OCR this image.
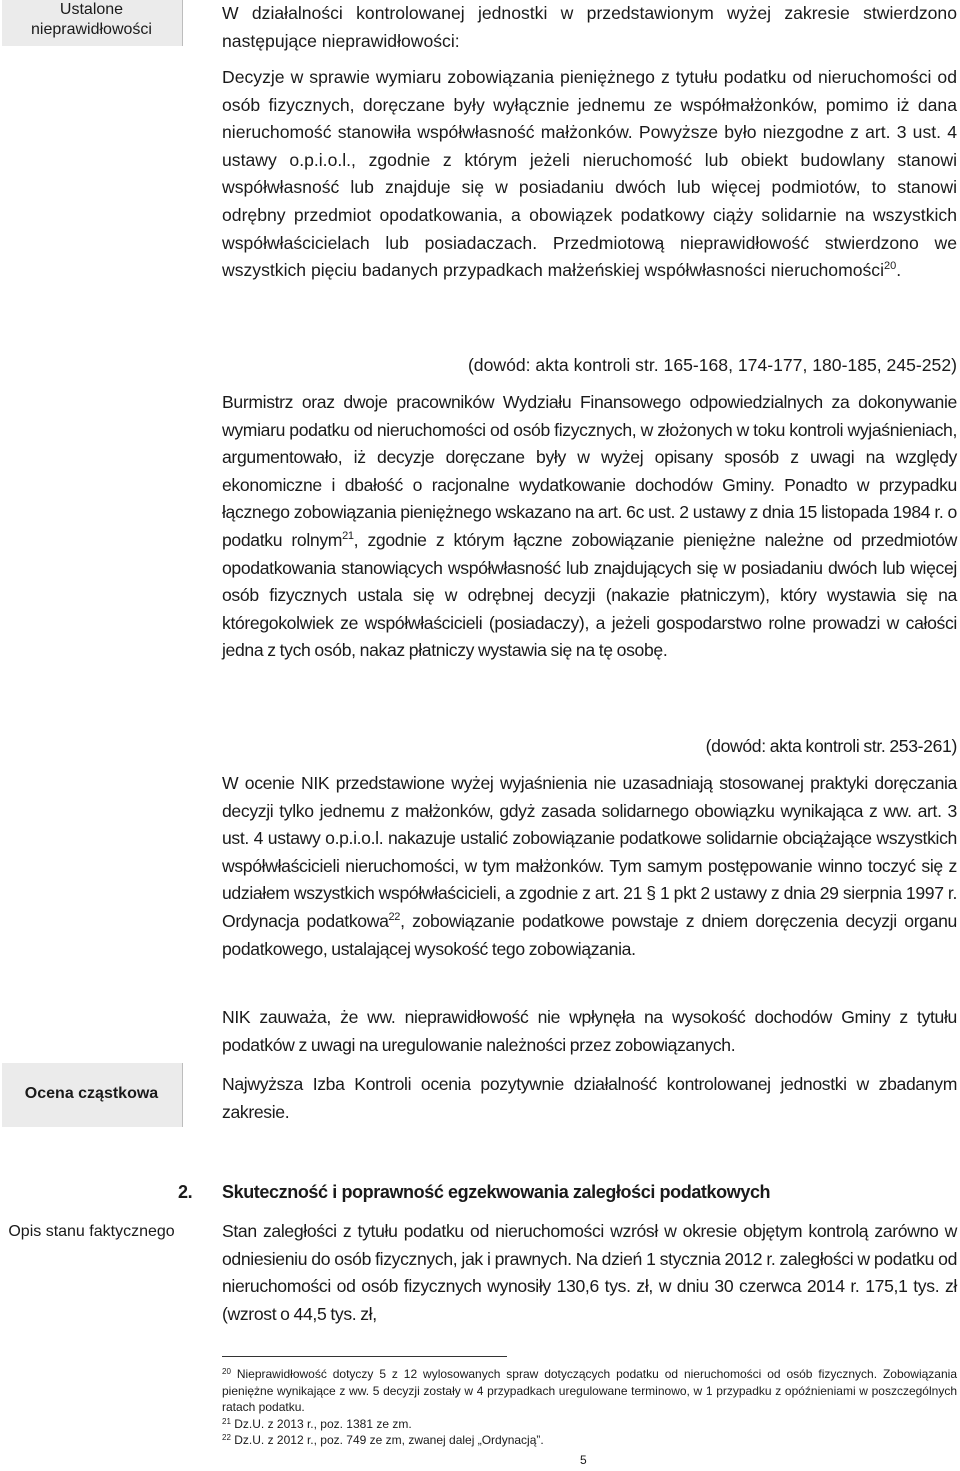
Ustalone nieprawidłowości
Ocena cząstkowa
Opis stanu faktycznego

W działalności kontrolowanej jednostki w przedstawionym wyżej zakresie stwierdzono następujące nieprawidłowości:

Decyzje w sprawie wymiaru zobowiązania pieniężnego z tytułu podatku od nieruchomości od osób fizycznych, doręczane były wyłącznie jednemu ze współmałżonków, pomimo iż dana nieruchomość stanowiła współwłasność małżonków. Powyższe było niezgodne z art. 3 ust. 4 ustawy o.p.i.o.l., zgodnie z którym jeżeli nieruchomość lub obiekt budowlany stanowi współwłasność lub znajduje się w posiadaniu dwóch lub więcej podmiotów, to stanowi odrębny przedmiot opodatkowania, a obowiązek podatkowy ciąży solidarnie na wszystkich współwłaścicielach lub posiadaczach. Przedmiotową nieprawidłowość stwierdzono we wszystkich pięciu badanych przypadkach małżeńskiej współwłasności nieruchomości$^{20}$.

(dowód: akta kontroli str. 165-168, 174-177, 180-185, 245-252)

Burmistrz oraz dwoje pracowników Wydziału Finansowego odpowiedzialnych za dokonywanie wymiaru podatku od nieruchomości od osób fizycznych, w złożonych w toku kontroli wyjaśnieniach, argumentowało, iż decyzje doręczane były w wyżej opisany sposób z uwagi na względy ekonomiczne i dbałość o racjonalne wydatkowanie dochodów Gminy. Ponadto w przypadku łącznego zobowiązania pieniężnego wskazano na art. 6c ust. 2 ustawy z dnia 15 listopada 1984 r. o podatku rolnym$^{21}$, zgodnie z którym łączne zobowiązanie pieniężne należne od przedmiotów opodatkowania stanowiących współwłasność lub znajdujących się w posiadaniu dwóch lub więcej osób fizycznych ustala się w odrębnej decyzji (nakazie płatniczym), który wystawia się na któregokolwiek ze współwłaścicieli (posiadaczy), a jeżeli gospodarstwo rolne prowadzi w całości jedna z tych osób, nakaz płatniczy wystawia się na tę osobę.

(dowód: akta kontroli str. 253-261)

W ocenie NIK przedstawione wyżej wyjaśnienia nie uzasadniają stosowanej praktyki doręczania decyzji tylko jednemu z małżonków, gdyż zasada solidarnego obowiązku wynikająca z ww. art. 3 ust. 4 ustawy o.p.i.o.l. nakazuje ustalić zobowiązanie podatkowe solidarnie obciążające wszystkich współwłaścicieli nieruchomości, w tym małżonków. Tym samym postępowanie winno toczyć się z udziałem wszystkich współwłaścicieli, a zgodnie z art. 21 § 1 pkt 2 ustawy z dnia 29 sierpnia 1997 r. Ordynacja podatkowa$^{22}$, zobowiązanie podatkowe powstaje z dniem doręczenia decyzji organu podatkowego, ustalającej wysokość tego zobowiązania.

NIK zauważa, że ww. nieprawidłowość nie wpłynęła na wysokość dochodów Gminy z tytułu podatków z uwagi na uregulowanie należności przez zobowiązanych.

Najwyższa Izba Kontroli ocenia pozytywnie działalność kontrolowanej jednostki w zbadanym zakresie.

2. Skuteczność i poprawność egzekwowania zaległości podatkowych

Stan zaległości z tytułu podatku od nieruchomości wzrósł w okresie objętym kontrolą zarówno w odniesieniu do osób fizycznych, jak i prawnych. Na dzień 1 stycznia 2012 r. zaległości w podatku od nieruchomości od osób fizycznych wynosiły 130,6 tys. zł, w dniu 30 czerwca 2014 r. 175,1 tys. zł (wzrost o 44,5 tys. zł,

$^{20}$ Nieprawidłowość dotyczy 5 z 12 wylosowanych spraw dotyczących podatku od nieruchomości od osób fizycznych. Zobowiązania pieniężne wynikające z ww. 5 decyzji zostały w 4 przypadkach uregulowane terminowo, w 1 przypadku z opóźnieniami w poszczególnych ratach podatku.

$^{21}$ Dz.U. z 2013 r., poz. 1381 ze zm.

$^{22}$ Dz.U. z 2012 r., poz. 749 ze zm, zwanej dalej „Ordynacją”.

5
